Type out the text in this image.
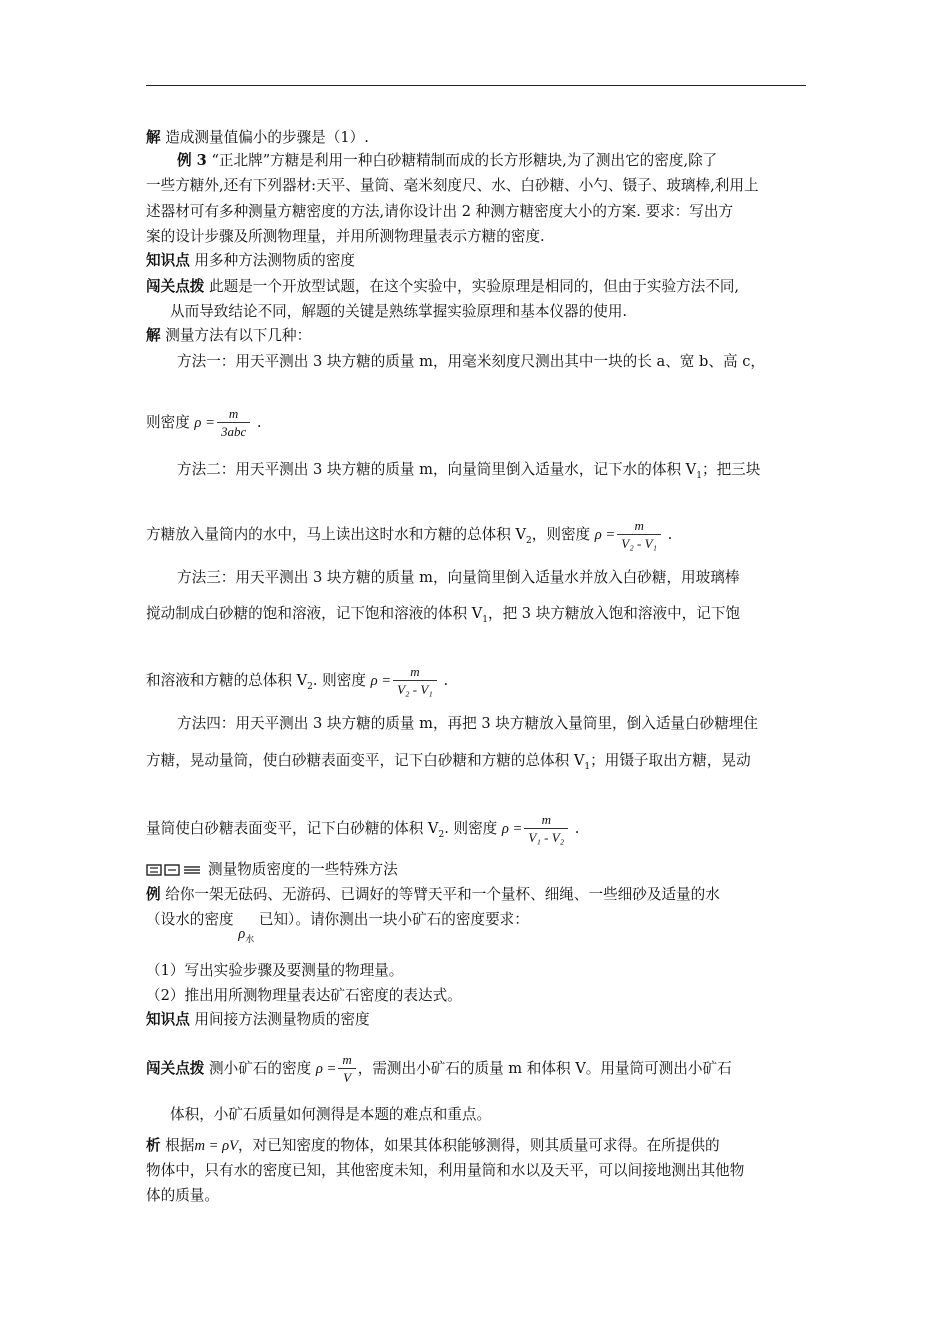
解 造成测量值偏小的步骤是（1）.
例 3 “正北牌”方糖是利用一种白砂糖精制而成的长方形糖块,为了测出它的密度,除了
一些方糖外,还有下列器材:天平、量筒、毫米刻度尺、水、白砂糖、小勺、镊子、玻璃棒,利用上
述器材可有多种测量方糖密度的方法,请你设计出 2 种测方糖密度大小的方案. 要求：写出方
案的设计步骤及所测物理量，并用所测物理量表示方糖的密度.
知识点 用多种方法测物质的密度
闯关点拨 此题是一个开放型试题，在这个实验中，实验原理是相同的，但由于实验方法不同,
从而导致结论不同，解题的关键是熟练掌握实验原理和基本仪器的使用.
解 测量方法有以下几种：
方法一：用天平测出 3 块方糖的质量 m，用毫米刻度尺测出其中一块的长 a、宽 b、高 c，
则密度 $\rho = \frac{m}{\text{3abc}}$ .
方法二：用天平测出 3 块方糖的质量 m，向量筒里倒入适量水，记下水的体积 $V_1$；把三块
方糖放入量筒内的水中，马上读出这时水和方糖的总体积 $V_2$，则密度 $\rho = \frac{m}{\text{V₂ - V₁}}$ .
方法三：用天平测出 3 块方糖的质量 m，向量筒里倒入适量水并放入白砂糖，用玻璃棒
搅动制成白砂糖的饱和溶液，记下饱和溶液的体积 $V_1$，把 3 块方糖放入饱和溶液中，记下饱
和溶液和方糖的总体积 $V_2$. 则密度 $\rho = \frac{m}{\text{V₂ - V₁}}$ .
方法四：用天平测出 3 块方糖的质量 m，再把 3 块方糖放入量筒里，倒入适量白砂糖埋住
方糖，晃动量筒，使白砂糖表面变平，记下白砂糖和方糖的总体积 $V_1$；用镊子取出方糖，晃动
量筒使白砂糖表面变平，记下白砂糖的体积 $V_2$. 则密度 $\rho = \frac{m}{\text{V₁ - V₂}}$ .
测量物质密度的一些特殊方法
例 给你一架无砝码、无游码、已调好的等臂天平和一个量杯、细绳、一些细砂及适量的水
（设水的密度 $\rho_水$ 已知）。请你测出一块小矿石的密度要求：
（1）写出实验步骤及要测量的物理量。
（2）推出用所测物理量表达矿石密度的表达式。
知识点 用间接方法测量物质的密度
闯关点拨 测小矿石的密度 $\rho = \frac{m}{V}$ ，需测出小矿石的质量 m 和体积 V。用量筒可测出小矿石
体积，小矿石质量如何测得是本题的难点和重点。
析 根据m = ρV，对已知密度的物体，如果其体积能够测得，则其质量可求得。在所提供的
物体中，只有水的密度已知，其他密度未知，利用量筒和水以及天平，可以间接地测出其他物
体的质量。
